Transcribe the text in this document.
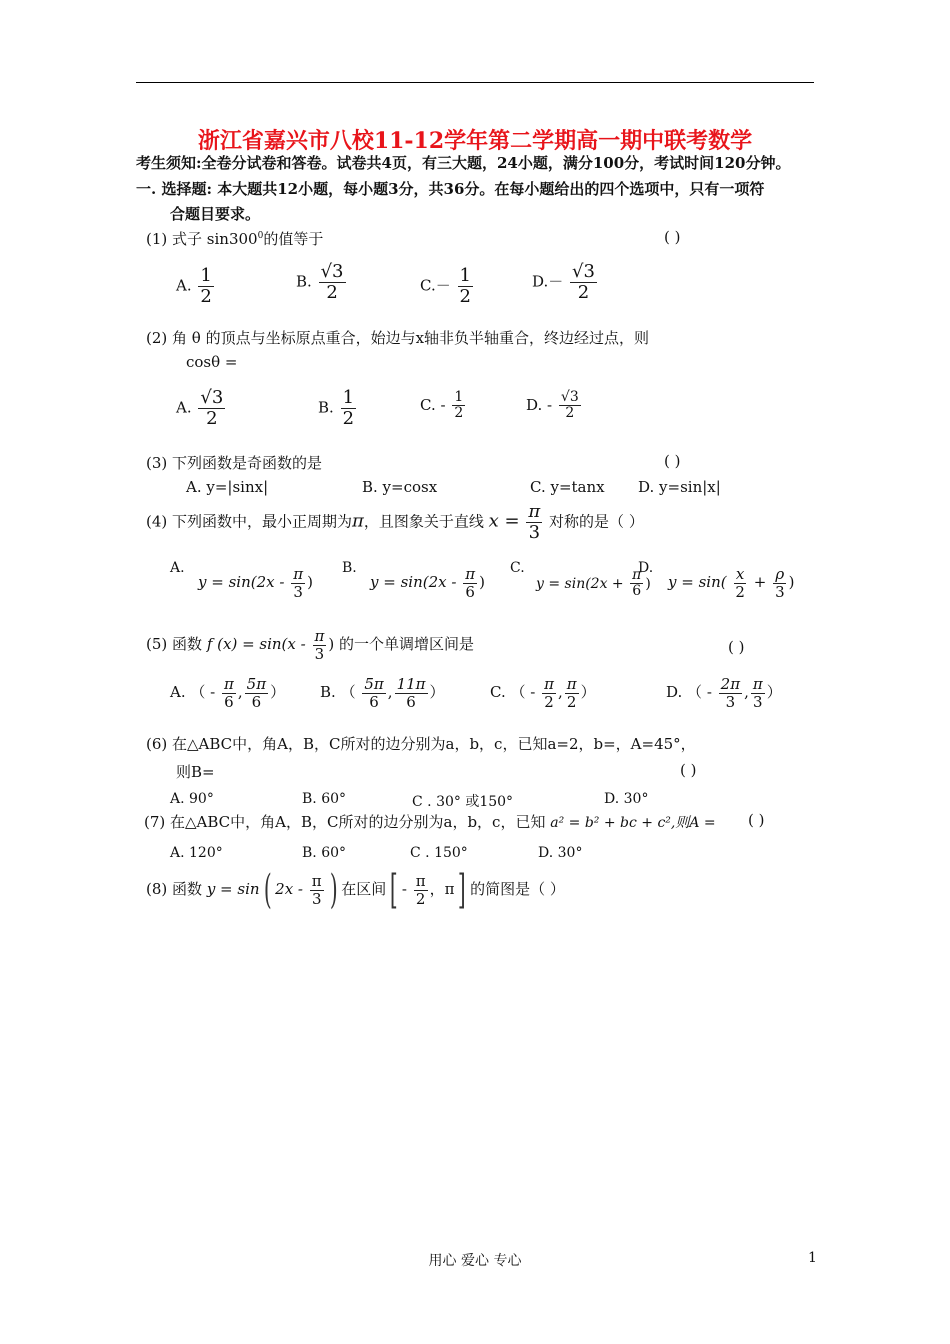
浙江省嘉兴市八校11-12学年第二学期高一期中联考数学
考生须知:全卷分试卷和答卷。试卷共4页，有三大题，24小题，满分100分，考试时间120分钟。
一. 选择题: 本大题共12小题，每小题3分，共36分。在每小题给出的四个选项中，只有一项符
合题目要求。
(1) 式子 $\sin 300^0$的值等于	( )
A. $\frac{1}{2}$	B. $\frac{√3}{2}$	$C.- \frac{1}{2}$	$D.- \frac{√3}{2}$
(2) 角 θ 的顶点与坐标原点重合，始边与x轴非负半轴重合，终边经过点，则
cosθ =
A. $\frac{√3}{2}$	B. $\frac{1}{2}$	C. - $\frac{1}{2}$	D. - $\frac{√3}{2}$
(3) 下列函数是奇函数的是	( )
A. y=|sinx|	B. y=cosx	C. y=tanx D. y=sin|x|
(4) 下列函数中，最小正周期为π，且图象关于直线 $x = \frac{\pi}{3}$ 对称的是（ ）
A.
$y = \sin(2x - \frac{\pi}{3}$ )
B.
$y = \sin(2x - \frac{\pi}{6}$ )
C.
$y = \sin(2x + \frac{\pi}{6}$ )
D.
$y = \sin( \frac{x}{2} + \frac{\rho}{3}$ )
(5) 函数 f $(x) = \sin(x - \frac{\pi}{3}$ ) 的一个单调增区间是	( )
A. （ - $\frac{\pi}{6}$ , $\frac{5\pi}{6}$ ） B. （ $\frac{5\pi}{6}$ , $\frac{11\pi}{6}$ ）	C. （ - $\frac{\pi}{2}$ , $\frac{\pi}{2}$ ）	D. （ - $\frac{2\pi}{3}$ , $\frac{\pi}{3}$ ）
(6) 在△ABC中，角A，B，C所对的边分别为a，b，c，已知a=2，b=，A=45°，
则B=	( )
A. 90°	B. 60°	C . 30° 或150°	D. 30°
(7) 在△ABC中，角A，B，C所对的边分别为a，b，c，已知 a² = b² + bc + c²,则A = ( )
A. 120°	B. 60°	C . 150°	D. 30°
(8) 函数 y = sin( $2x - \frac{\pi}{3}$ ) 在区间[ - $\frac{\pi}{2}$ ，π] 的简图是（ ）
用心 爱心 专心	1
